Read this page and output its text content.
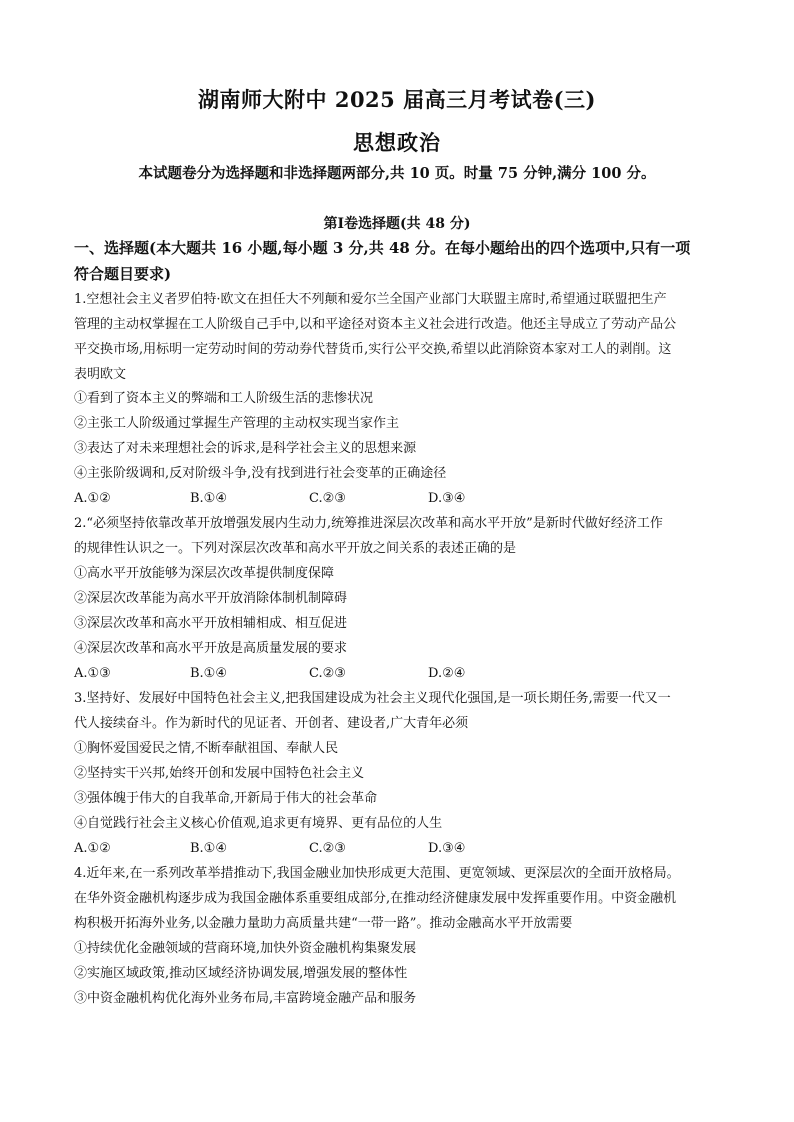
湖南师大附中 2025 届高三月考试卷(三)
思想政治
本试题卷分为选择题和非选择题两部分,共 10 页。时量 75 分钟,满分 100 分。
第Ⅰ卷选择题(共 48 分)
一、选择题(本大题共 16 小题,每小题 3 分,共 48 分。在每小题给出的四个选项中,只有一项
符合题目要求)
1.空想社会主义者罗伯特·欧文在担任大不列颠和爱尔兰全国产业部门大联盟主席时,希望通过联盟把生产
管理的主动权掌握在工人阶级自己手中,以和平途径对资本主义社会进行改造。他还主导成立了劳动产品公
平交换市场,用标明一定劳动时间的劳动券代替货币,实行公平交换,希望以此消除资本家对工人的剥削。这
表明欧文
①看到了资本主义的弊端和工人阶级生活的悲惨状况
②主张工人阶级通过掌握生产管理的主动权实现当家作主
③表达了对未来理想社会的诉求,是科学社会主义的思想来源
④主张阶级调和,反对阶级斗争,没有找到进行社会变革的正确途径
A.①②	B.①④	C.②③	D.③④
2.“必须坚持依靠改革开放增强发展内生动力,统筹推进深层次改革和高水平开放”是新时代做好经济工作
的规律性认识之一。下列对深层次改革和高水平开放之间关系的表述正确的是
①高水平开放能够为深层次改革提供制度保障
②深层次改革能为高水平开放消除体制机制障碍
③深层次改革和高水平开放相辅相成、相互促进
④深层次改革和高水平开放是高质量发展的要求
A.①③	B.①④	C.②③	D.②④
3.坚持好、发展好中国特色社会主义,把我国建设成为社会主义现代化强国,是一项长期任务,需要一代又一
代人接续奋斗。作为新时代的见证者、开创者、建设者,广大青年必须
①胸怀爱国爱民之情,不断奉献祖国、奉献人民
②坚持实干兴邦,始终开创和发展中国特色社会主义
③强体魄于伟大的自我革命,开新局于伟大的社会革命
④自觉践行社会主义核心价值观,追求更有境界、更有品位的人生
A.①②	B.①④	C.②③	D.③④
4.近年来,在一系列改革举措推动下,我国金融业加快形成更大范围、更宽领域、更深层次的全面开放格局。
在华外资金融机构逐步成为我国金融体系重要组成部分,在推动经济健康发展中发挥重要作用。中资金融机
构积极开拓海外业务,以金融力量助力高质量共建“一带一路”。推动金融高水平开放需要
①持续优化金融领域的营商环境,加快外资金融机构集聚发展
②实施区域政策,推动区域经济协调发展,增强发展的整体性
③中资金融机构优化海外业务布局,丰富跨境金融产品和服务
